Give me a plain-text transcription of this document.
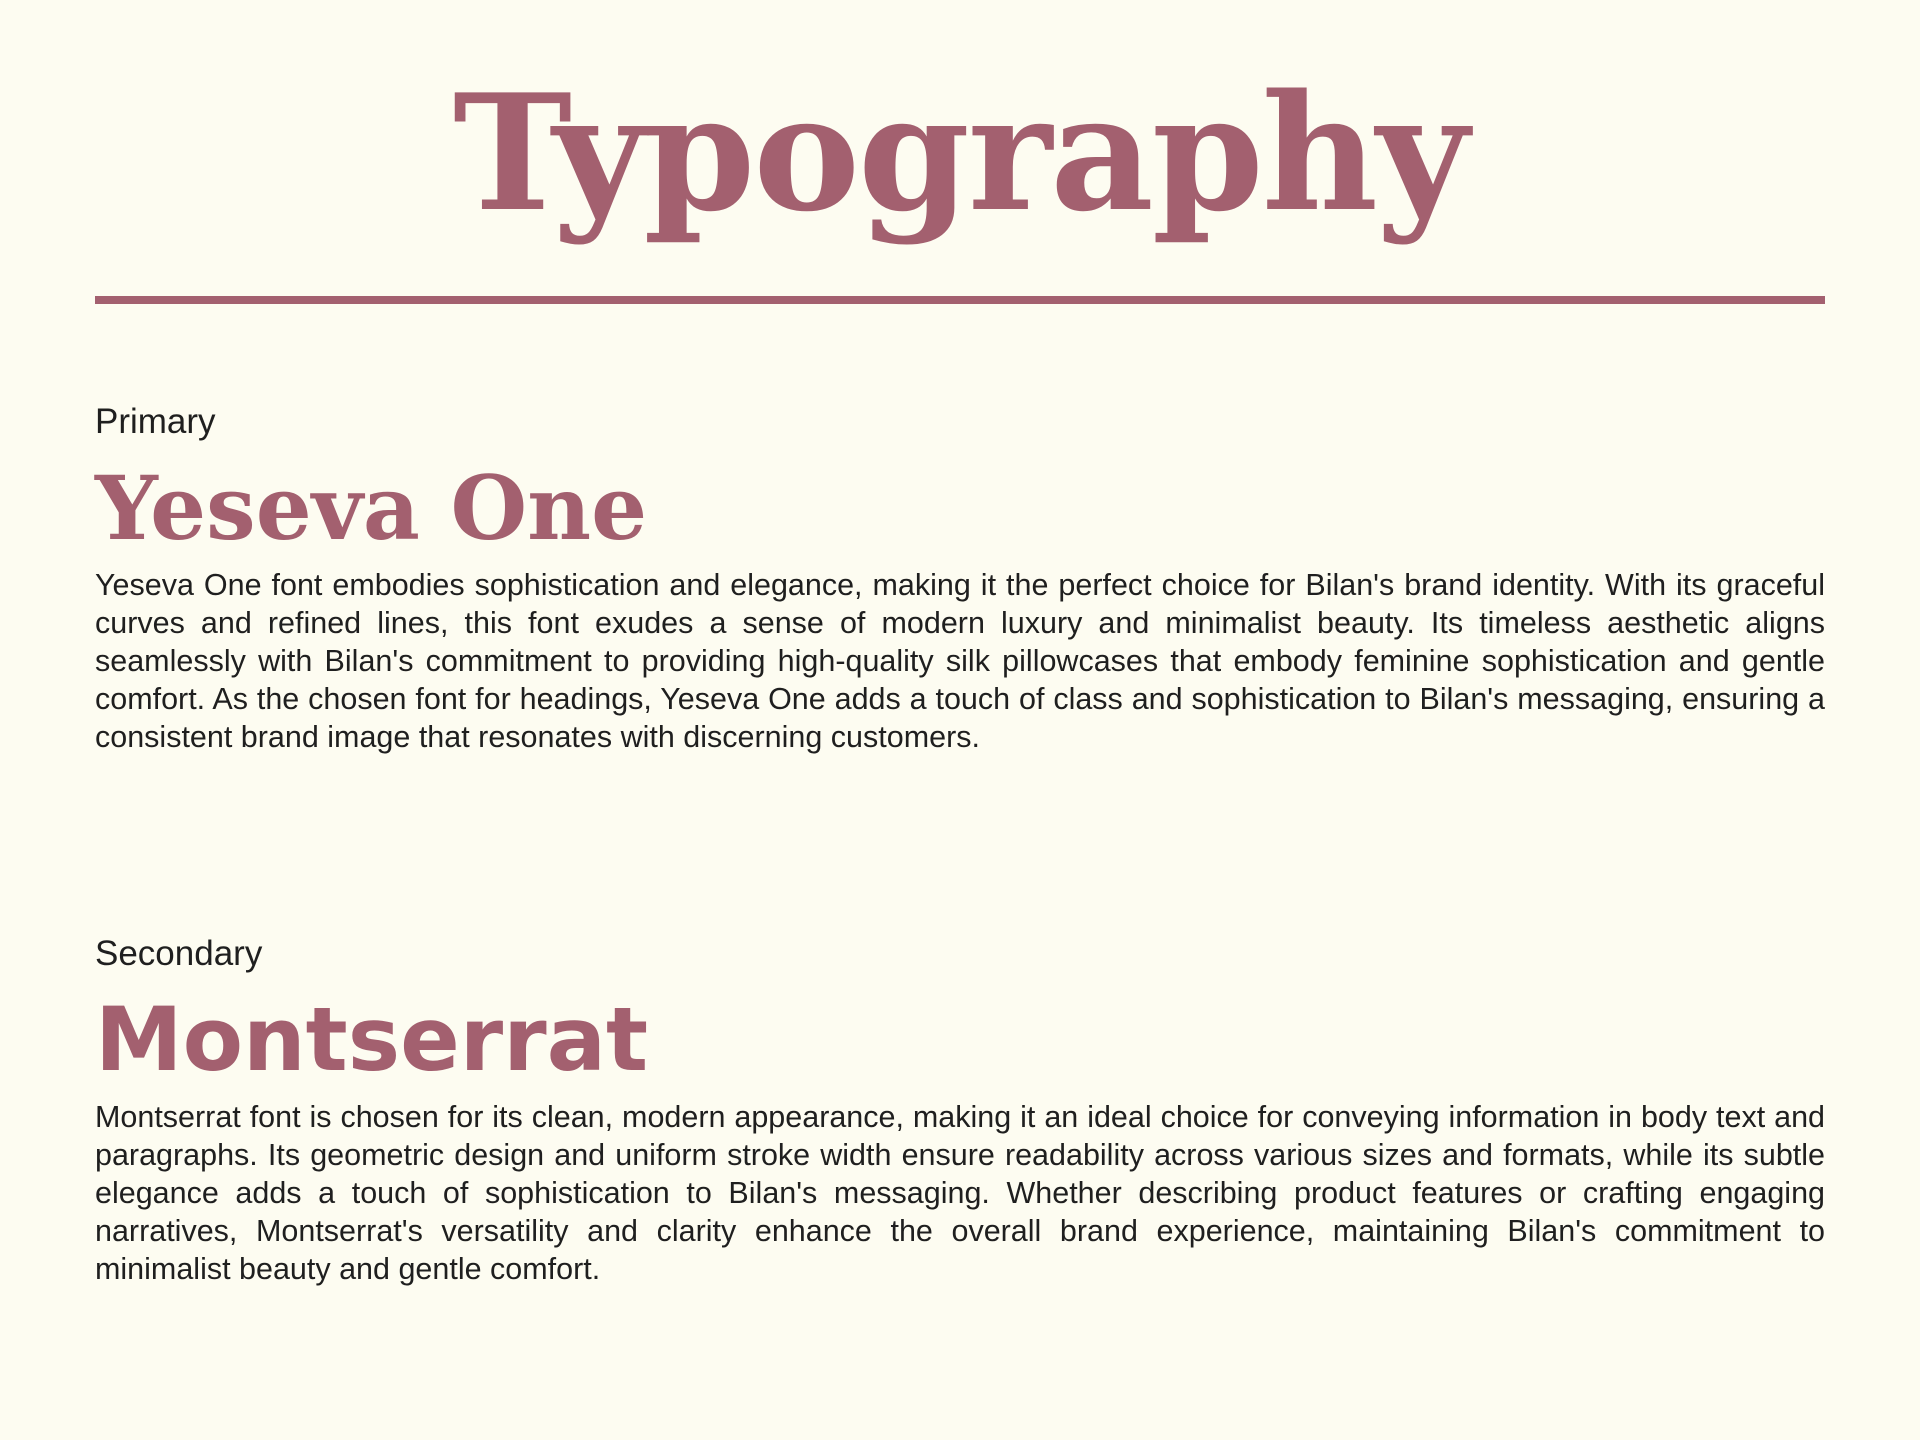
Typography
Primary
Yeseva One

Yeseva One font embodies sophistication and elegance, making it the perfect choice for Bilan's brand identity. With its graceful curves and refined lines, this font exudes a sense of modern luxury and minimalist beauty. Its timeless aesthetic aligns seamlessly with Bilan's commitment to providing high-quality silk pillowcases that embody feminine sophistication and gentle comfort. As the chosen font for headings, Yeseva One adds a touch of class and sophistication to Bilan's messaging, ensuring a consistent brand image that resonates with discerning customers.

Secondary
Montserrat

Montserrat font is chosen for its clean, modern appearance, making it an ideal choice for conveying information in body text and paragraphs. Its geometric design and uniform stroke width ensure readability across various sizes and formats, while its subtle elegance adds a touch of sophistication to Bilan's messaging. Whether describing product features or crafting engaging narratives, Montserrat's versatility and clarity enhance the overall brand experience, maintaining Bilan's commitment to minimalist beauty and gentle comfort.
